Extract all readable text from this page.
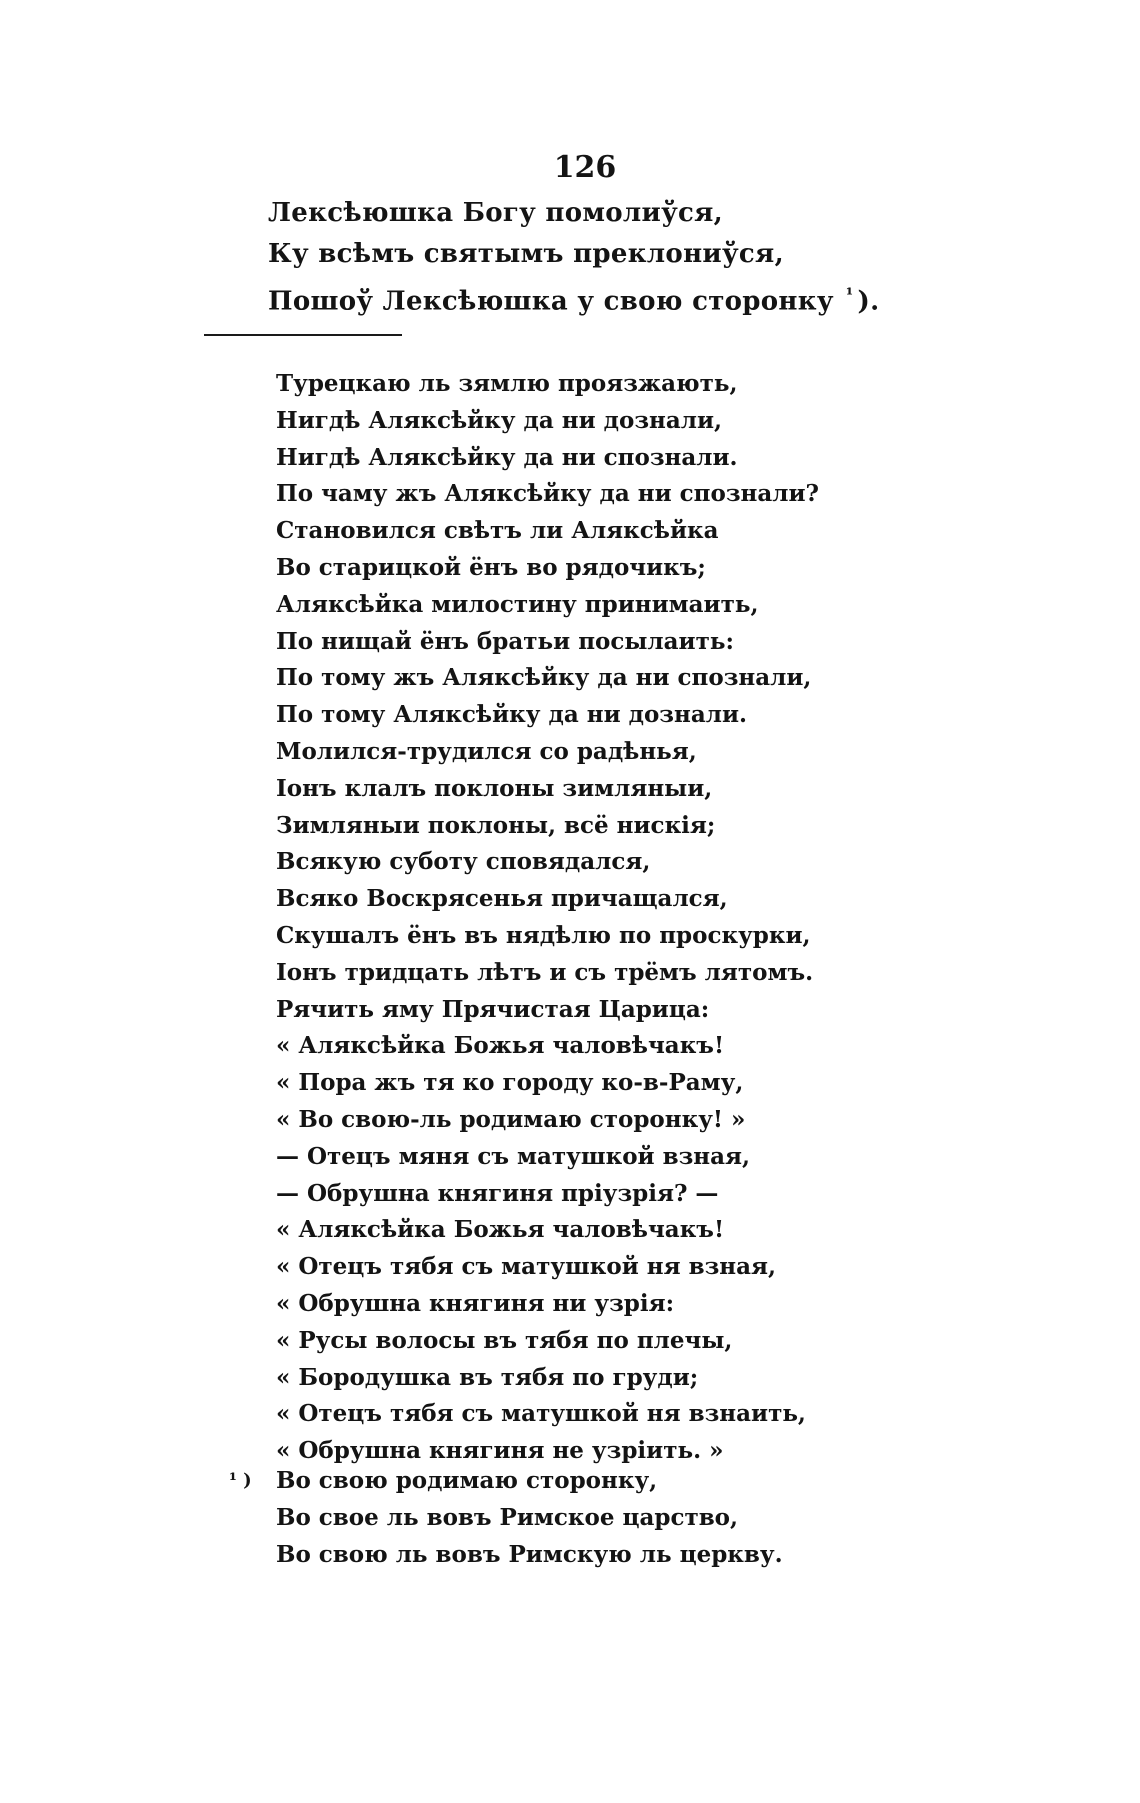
126
Лексѣюшка Богу помолиўся,
Ку всѣмъ святымъ преклониўся,
Пошоў Лексѣюшка у свою сторонку $^{^1}$ ).
Турецкаю ль зямлю проязжають,
Нигдѣ Аляксѣйку да ни дознали,
Нигдѣ Аляксѣйку да ни спознали.
По чаму жъ Аляксѣйку да ни спознали?
Становился свѣтъ ли Аляксѣйка
Во старицкой ёнъ во рядочикъ;
Аляксѣйка милостину принимаить,
По нищай ёнъ братьи посылаить:
По тому жъ Аляксѣйку да ни спознали,
По тому Аляксѣйку да ни дознали.
Молился-трудился со радѣнья,
Іонъ клалъ поклоны зимляныи,
Зимляныи поклоны, всё нискія;
Всякую суботу сповядался,
Всяко Воскрясенья причащался,
Скушалъ ёнъ въ нядѣлю по проскурки,
Іонъ тридцать лѣтъ и съ трёмъ лятомъ.
Рячить яму Прячистая Царица:
« Аляксѣйка Божья чаловѣчакъ!
« Пора жъ тя ко городу ко-в-Раму,
« Во свою-ль родимаю сторонку! »
— Отецъ мяня съ матушкой взная,
— Обрушна княгиня пріузрія? —
« Аляксѣйка Божья чаловѣчакъ!
« Отецъ тябя съ матушкой ня взная,
« Обрушна княгиня ни узрія:
« Русы волосы въ тябя по плечы,
« Бородушка въ тябя по груди;
« Отецъ тябя съ матушкой ня взнаить,
« Обрушна княгиня не узріить. »
¹ ) Во свою родимаю сторонку,
Во свое ль вовъ Римское царство,
Во свою ль вовъ Римскую ль церкву.
